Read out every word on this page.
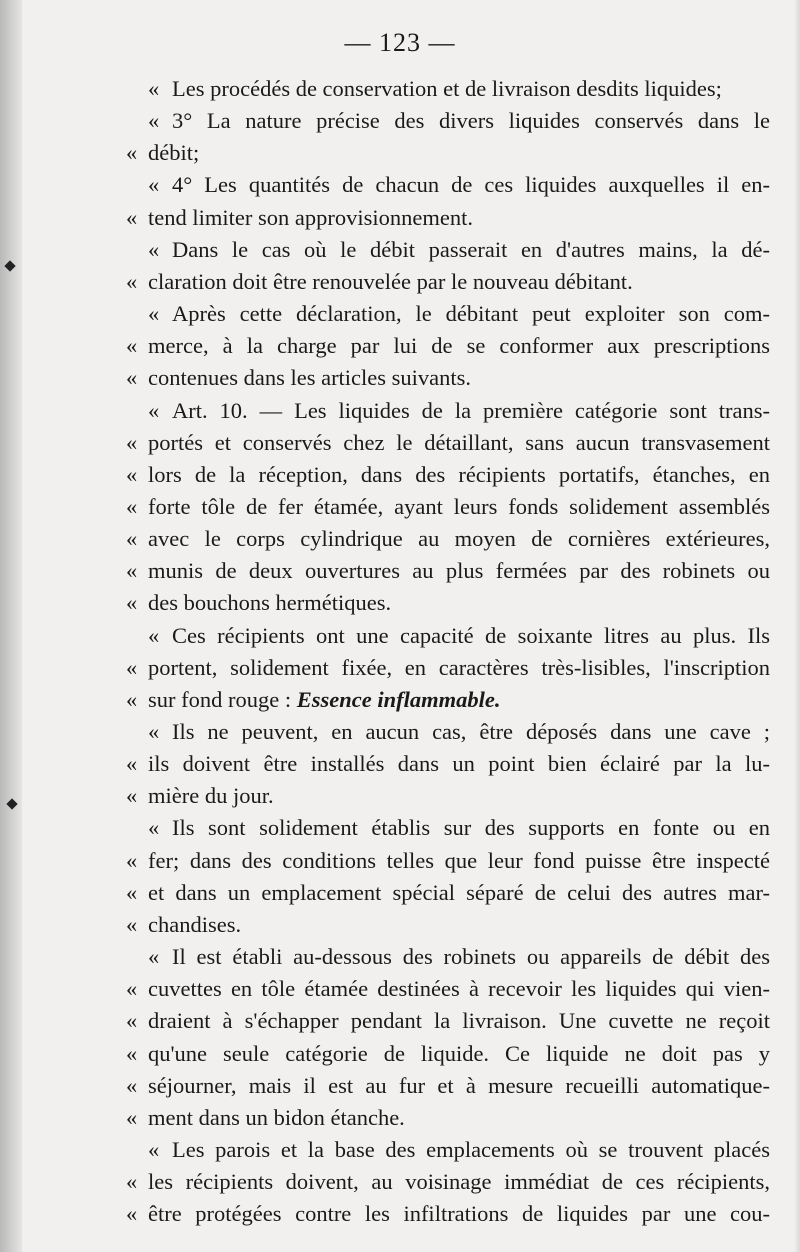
— 123 —
« Les procédés de conservation et de livraison desdits liquides;
« 3° La nature précise des divers liquides conservés dans le
« débit;
« 4° Les quantités de chacun de ces liquides auxquelles il en-
« tend limiter son approvisionnement.
« Dans le cas où le débit passerait en d'autres mains, la dé-
« claration doit être renouvelée par le nouveau débitant.
« Après cette déclaration, le débitant peut exploiter son com-
« merce, à la charge par lui de se conformer aux prescriptions
« contenues dans les articles suivants.
« Art. 10. — Les liquides de la première catégorie sont trans-
« portés et conservés chez le détaillant, sans aucun transvasement
« lors de la réception, dans des récipients portatifs, étanches, en
« forte tôle de fer étamée, ayant leurs fonds solidement assemblés
« avec le corps cylindrique au moyen de cornières extérieures,
« munis de deux ouvertures au plus fermées par des robinets ou
« des bouchons hermétiques.
« Ces récipients ont une capacité de soixante litres au plus. Ils
« portent, solidement fixée, en caractères très-lisibles, l'inscription
« sur fond rouge : Essence inflammable.
« Ils ne peuvent, en aucun cas, être déposés dans une cave ;
« ils doivent être installés dans un point bien éclairé par la lu-
« mière du jour.
« Ils sont solidement établis sur des supports en fonte ou en
« fer; dans des conditions telles que leur fond puisse être inspecté
« et dans un emplacement spécial séparé de celui des autres mar-
« chandises.
« Il est établi au-dessous des robinets ou appareils de débit des
« cuvettes en tôle étamée destinées à recevoir les liquides qui vien-
« draient à s'échapper pendant la livraison. Une cuvette ne reçoit
« qu'une seule catégorie de liquide. Ce liquide ne doit pas y
« séjourner, mais il est au fur et à mesure recueilli automatique-
« ment dans un bidon étanche.
« Les parois et la base des emplacements où se trouvent placés
« les récipients doivent, au voisinage immédiat de ces récipients,
« être protégées contre les infiltrations de liquides par une cou-
